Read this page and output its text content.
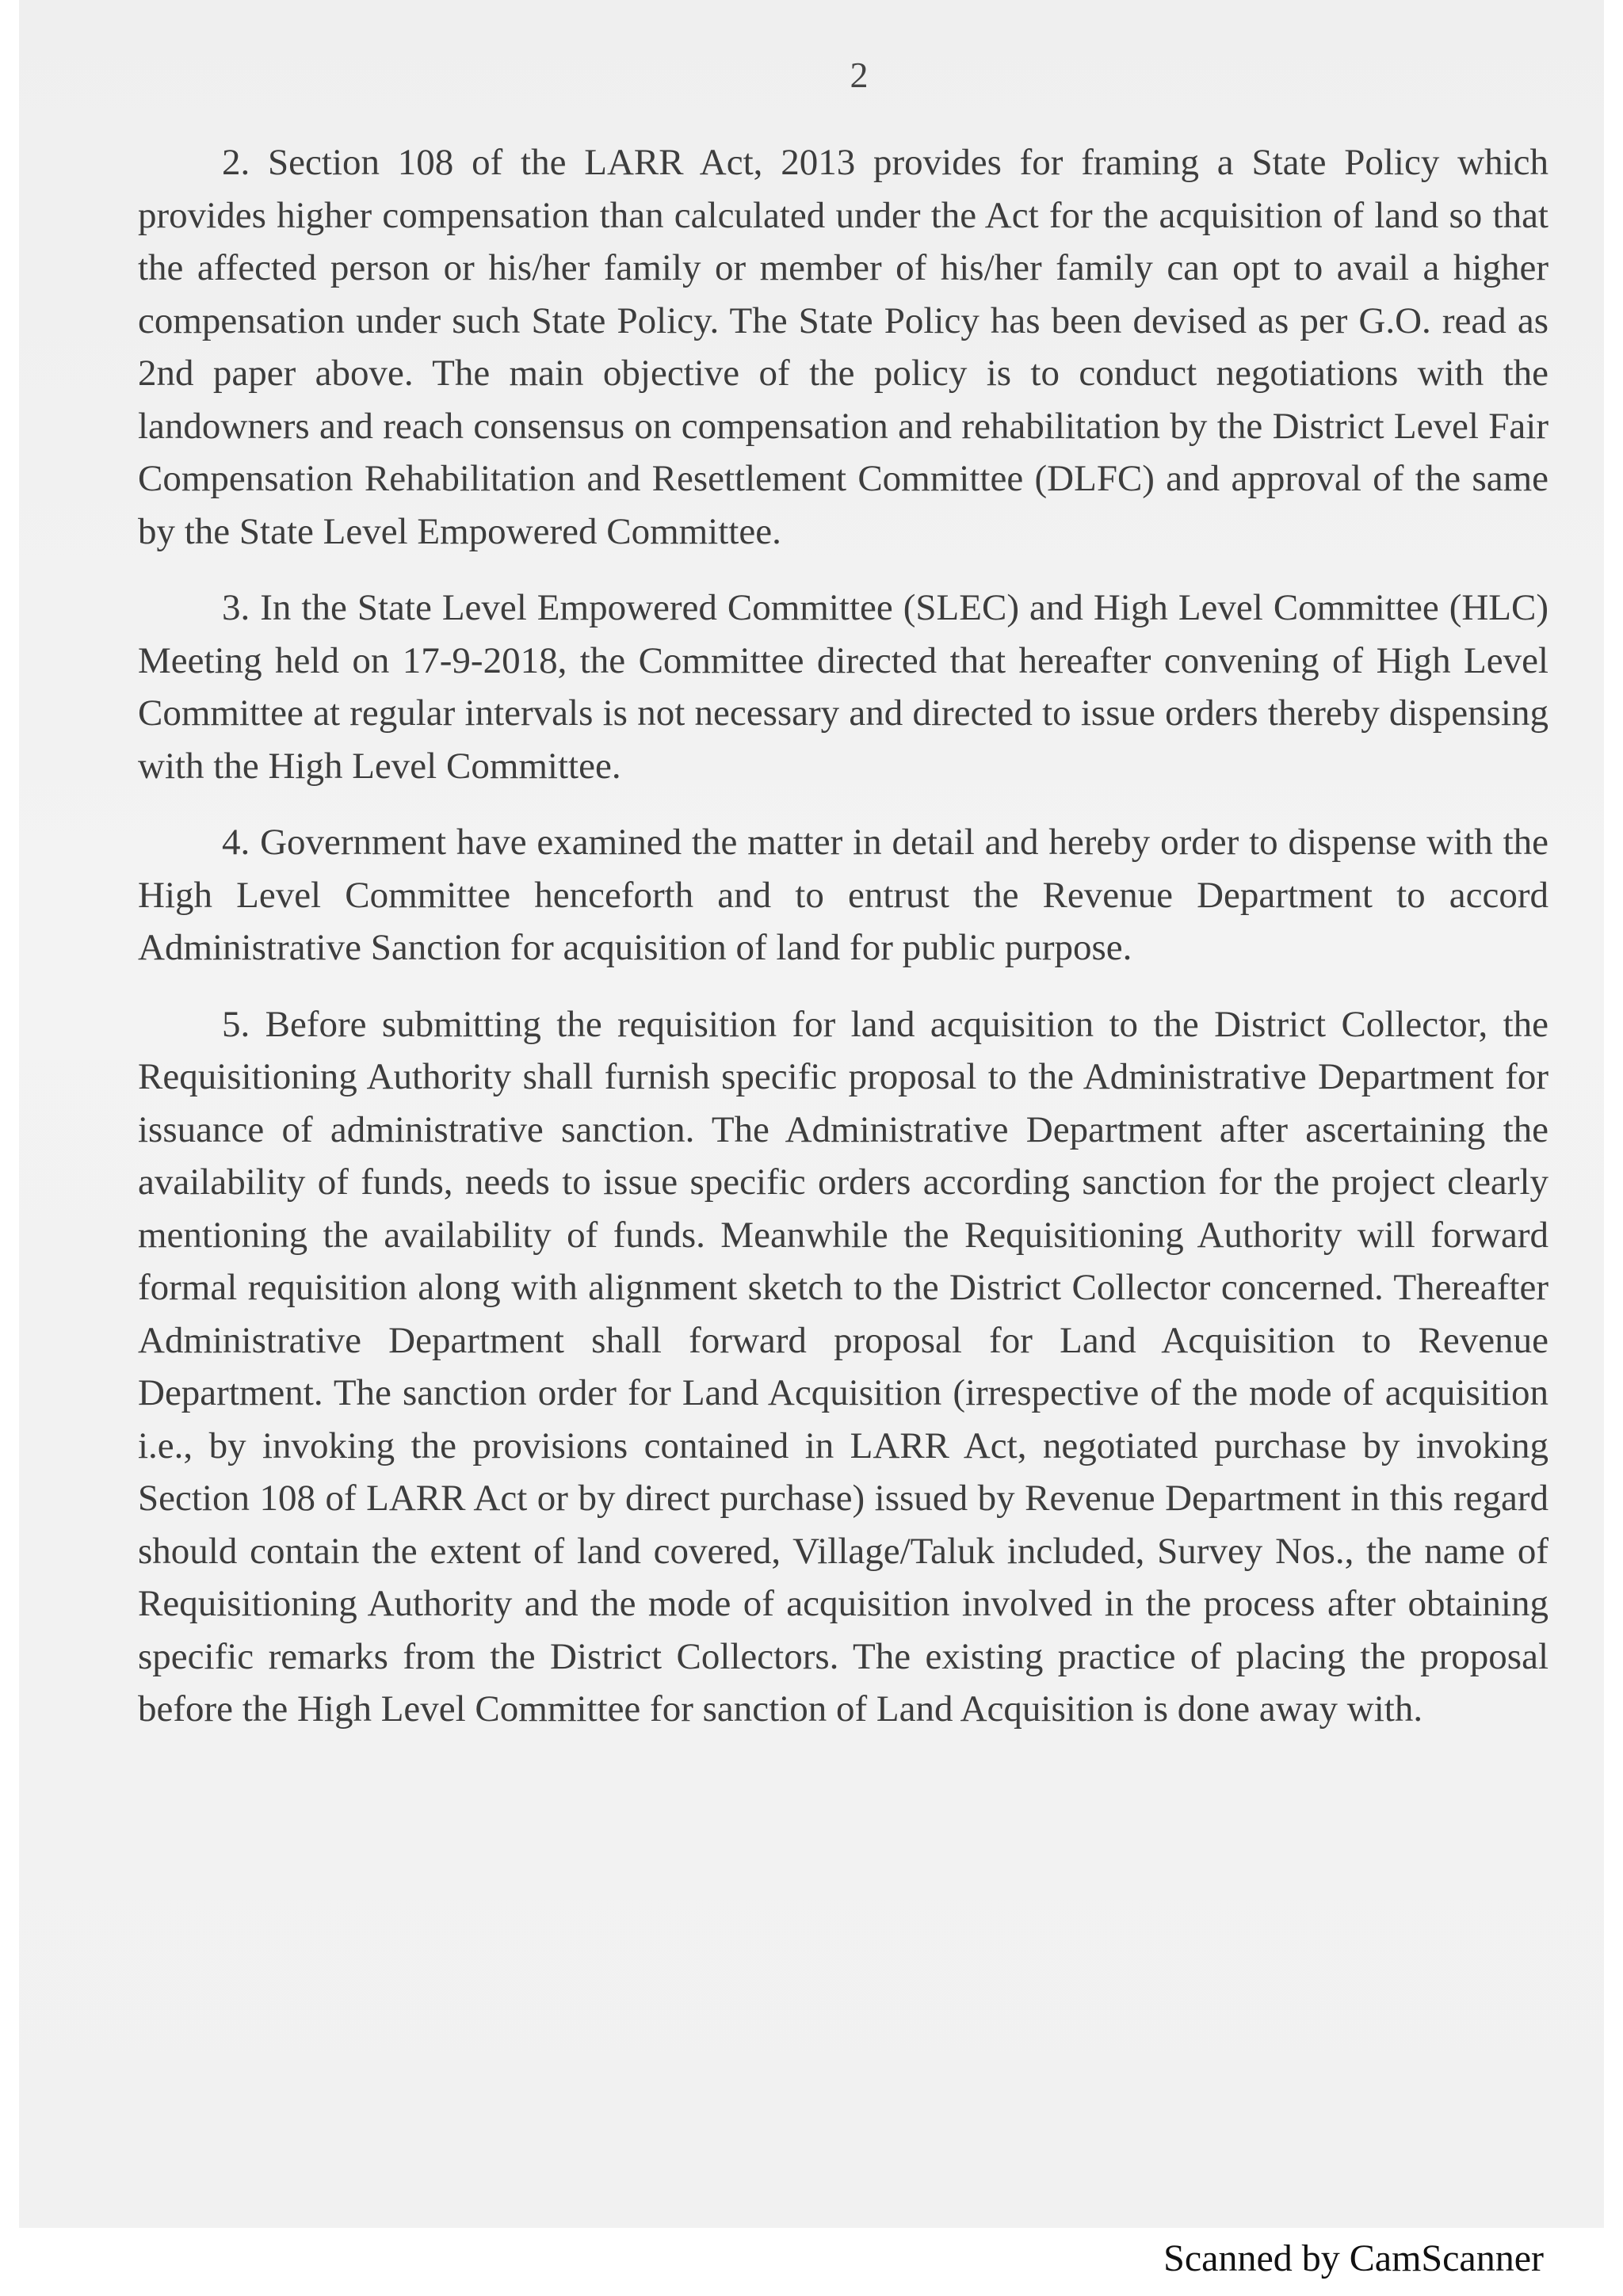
2

2. Section 108 of the LARR Act, 2013 provides for framing a State Policy which provides higher compensation than calculated under the Act for the acquisition of land so that the affected person or his/her family or member of his/her family can opt to avail a higher compensation under such State Policy. The State Policy has been devised as per G.O. read as 2nd paper above. The main objective of the policy is to conduct negotiations with the landowners and reach consensus on compensation and rehabilitation by the District Level Fair Compensation Rehabilitation and Resettlement Committee (DLFC) and approval of the same by the State Level Empowered Committee.

3. In the State Level Empowered Committee (SLEC) and High Level Committee (HLC) Meeting held on 17-9-2018, the Committee directed that hereafter convening of High Level Committee at regular intervals is not necessary and directed to issue orders thereby dispensing with the High Level Committee.

4. Government have examined the matter in detail and hereby order to dispense with the High Level Committee henceforth and to entrust the Revenue Department to accord Administrative Sanction for acquisition of land for public purpose.

5. Before submitting the requisition for land acquisition to the District Collector, the Requisitioning Authority shall furnish specific proposal to the Administrative Department for issuance of administrative sanction. The Administrative Department after ascertaining the availability of funds, needs to issue specific orders according sanction for the project clearly mentioning the availability of funds. Meanwhile the Requisitioning Authority will forward formal requisition along with alignment sketch to the District Collector concerned. Thereafter Administrative Department shall forward proposal for Land Acquisition to Revenue Department. The sanction order for Land Acquisition (irrespective of the mode of acquisition i.e., by invoking the provisions contained in LARR Act, negotiated purchase by invoking Section 108 of LARR Act or by direct purchase) issued by Revenue Department in this regard should contain the extent of land covered, Village/Taluk included, Survey Nos., the name of Requisitioning Authority and the mode of acquisition involved in the process after obtaining specific remarks from the District Collectors. The existing practice of placing the proposal before the High Level Committee for sanction of Land Acquisition is done away with.

Scanned by CamScanner
